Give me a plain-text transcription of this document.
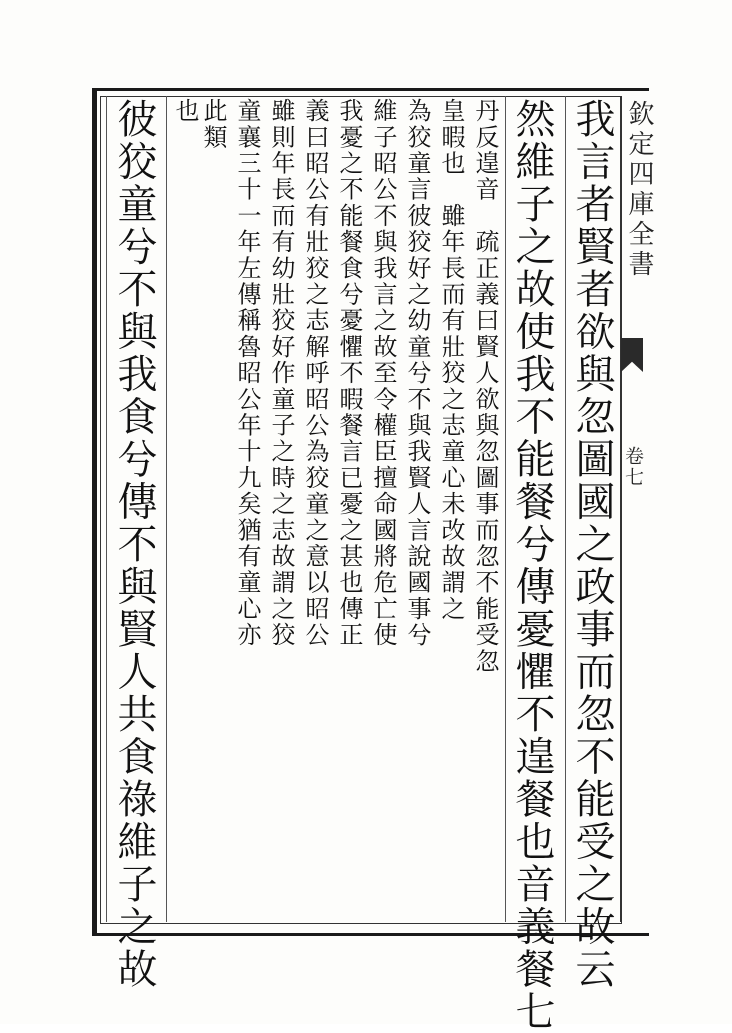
欽定四庫全書
卷七
我言者賢者欲與忽圖國之政事而忽不能受之故云
然維子之故使我不能餐兮傳憂懼不遑餐也音義餐七
丹反遑音　疏正義曰賢人欲與忽圖事而忽不能受忽
皇暇也　雖年長而有壯狡之志童心未改故謂之
為狡童言彼狡好之幼童兮不與我賢人言說國事兮
維子昭公不與我言之故至令權臣擅命國將危亡使
我憂之不能餐食兮憂懼不暇餐言已憂之甚也傳正
義曰昭公有壯狡之志解呼昭公為狡童之意以昭公
雖則年長而有幼壯狡好作童子之時之志故謂之狡
童襄三十一年左傳稱魯昭公年十九矣猶有童心亦
此類
也
彼狡童兮不與我食兮傳不與賢人共食祿維子之故
